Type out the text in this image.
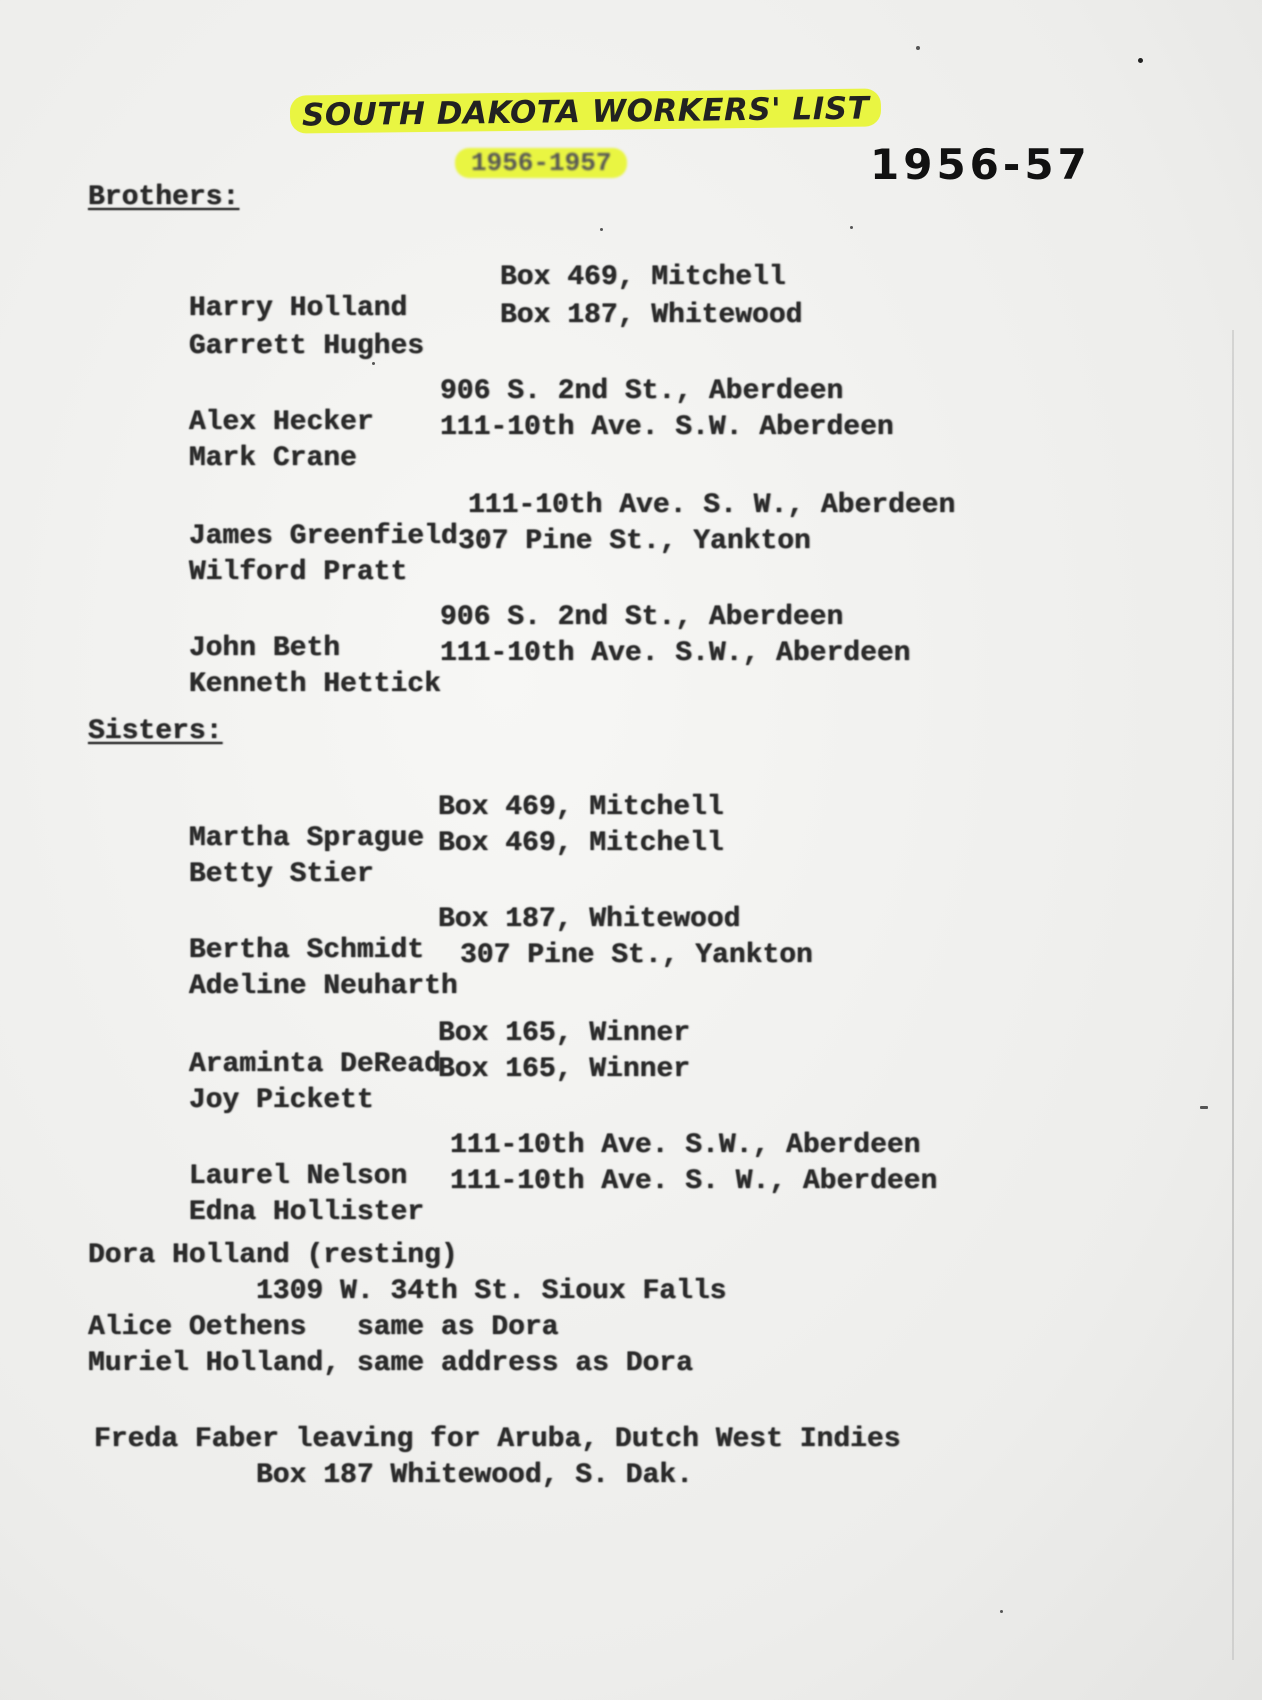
SOUTH DAKOTA WORKERS' LIST
1956-1957	1956-57
Brothers:

Harry Holland

Box 469, Mitchell

Garrett Hughes

Box 187, Whitewood

Alex Hecker

906 S. 2nd St., Aberdeen

Mark Crane

111-10th Ave. S.W. Aberdeen

James Greenfield

111-10th Ave. S. W., Aberdeen

Wilford Pratt

307 Pine St., Yankton

John Beth

906 S. 2nd St., Aberdeen

Kenneth Hettick

111-10th Ave. S.W., Aberdeen

Sisters:

Martha Sprague

Box 469, Mitchell

Betty Stier

Box 469, Mitchell

Bertha Schmidt

Box 187, Whitewood

Adeline Neuharth

307 Pine St., Yankton

Araminta DeRead

Box 165, Winner

Joy Pickett

Box 165, Winner

Laurel Nelson

111-10th Ave. S.W., Aberdeen

Edna Hollister

111-10th Ave. S. W., Aberdeen

Dora Holland (resting)
1309 W. 34th St. Sioux Falls
Alice Oethens   same as Dora
Muriel Holland, same address as Dora
Freda Faber leaving for Aruba, Dutch West Indies
Box 187 Whitewood, S. Dak.
